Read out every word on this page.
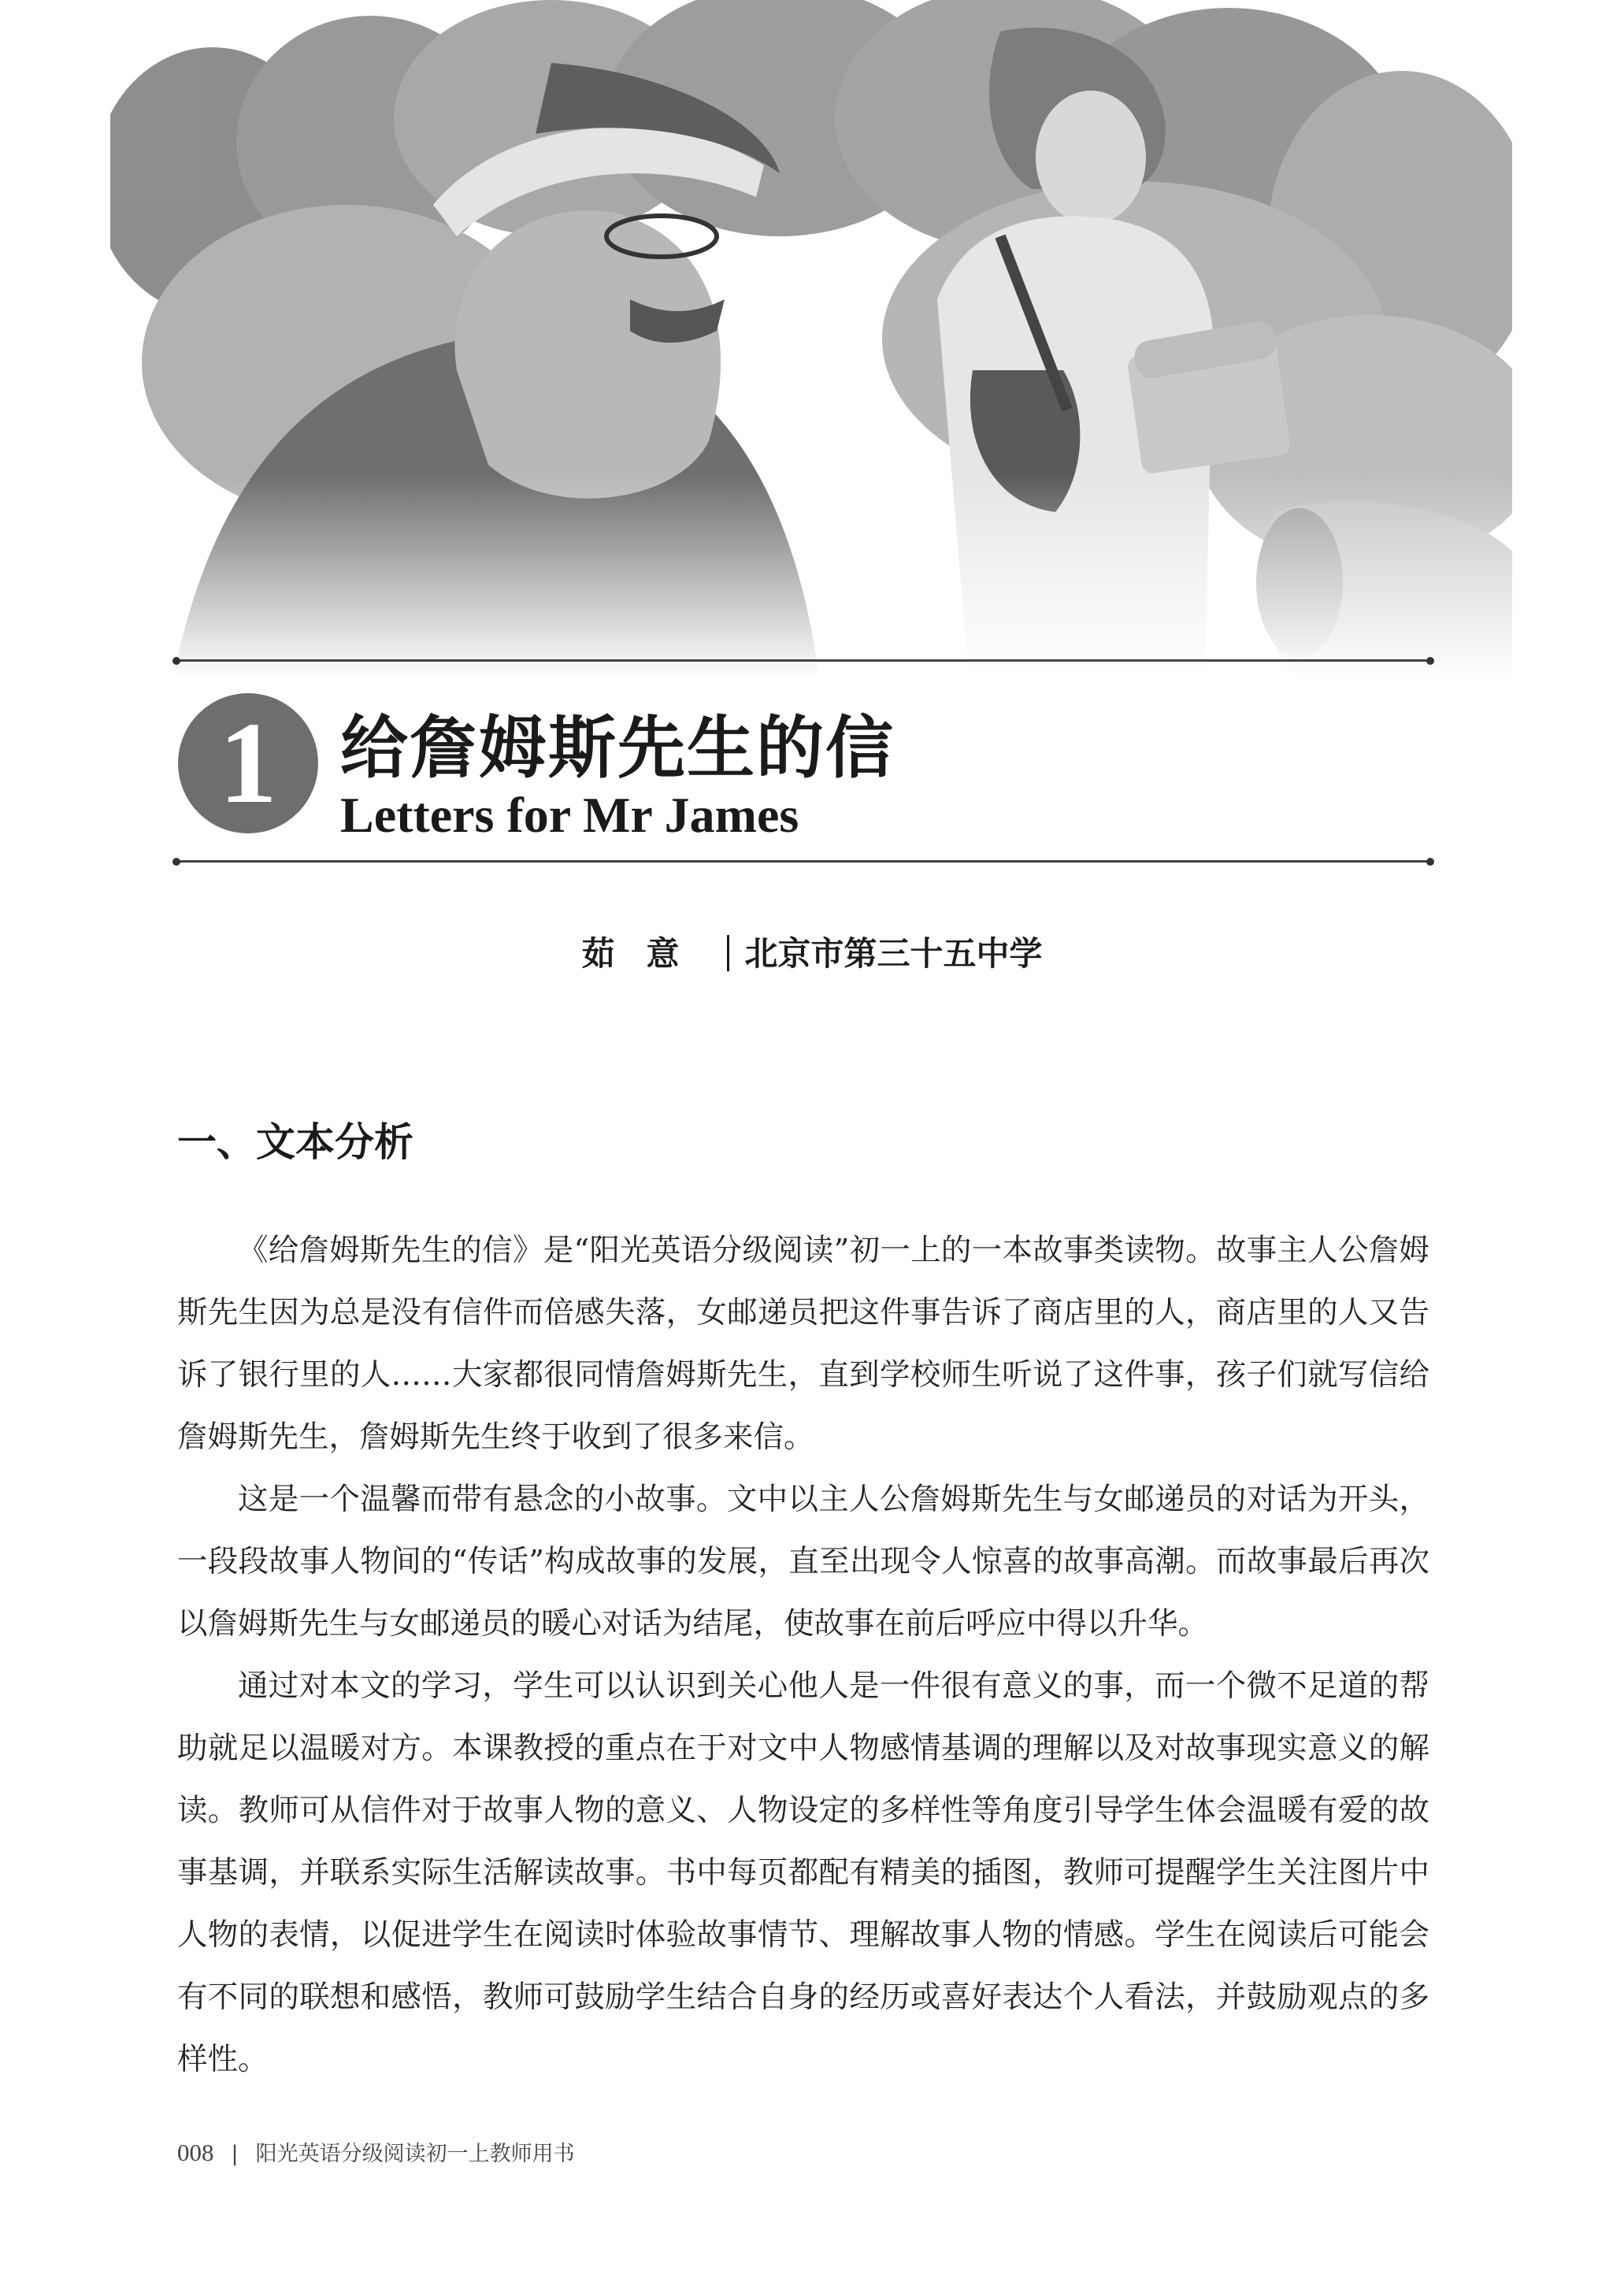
1 给詹姆斯先生的信
Letters for Mr James
茹意 北京市第三十五中学
一、文本分析

《给詹姆斯先生的信》是“阳光英语分级阅读”初一上的一本故事类读物。故事主人公詹姆斯先生因为总是没有信件而倍感失落，女邮递员把这件事告诉了商店里的人，商店里的人又告诉了银行里的人……大家都很同情詹姆斯先生，直到学校师生听说了这件事，孩子们就写信给詹姆斯先生，詹姆斯先生终于收到了很多来信。

这是一个温馨而带有悬念的小故事。文中以主人公詹姆斯先生与女邮递员的对话为开头，一段段故事人物间的“传话”构成故事的发展，直至出现令人惊喜的故事高潮。而故事最后再次以詹姆斯先生与女邮递员的暖心对话为结尾，使故事在前后呼应中得以升华。

通过对本文的学习，学生可以认识到关心他人是一件很有意义的事，而一个微不足道的帮助就足以温暖对方。本课教授的重点在于对文中人物感情基调的理解以及对故事现实意义的解读。教师可从信件对于故事人物的意义、人物设定的多样性等角度引导学生体会温暖有爱的故事基调，并联系实际生活解读故事。书中每页都配有精美的插图，教师可提醒学生关注图片中人物的表情，以促进学生在阅读时体验故事情节、理解故事人物的情感。学生在阅读后可能会有不同的联想和感悟，教师可鼓励学生结合自身的经历或喜好表达个人看法，并鼓励观点的多样性。

008 | 阳光英语分级阅读初一上教师用书
